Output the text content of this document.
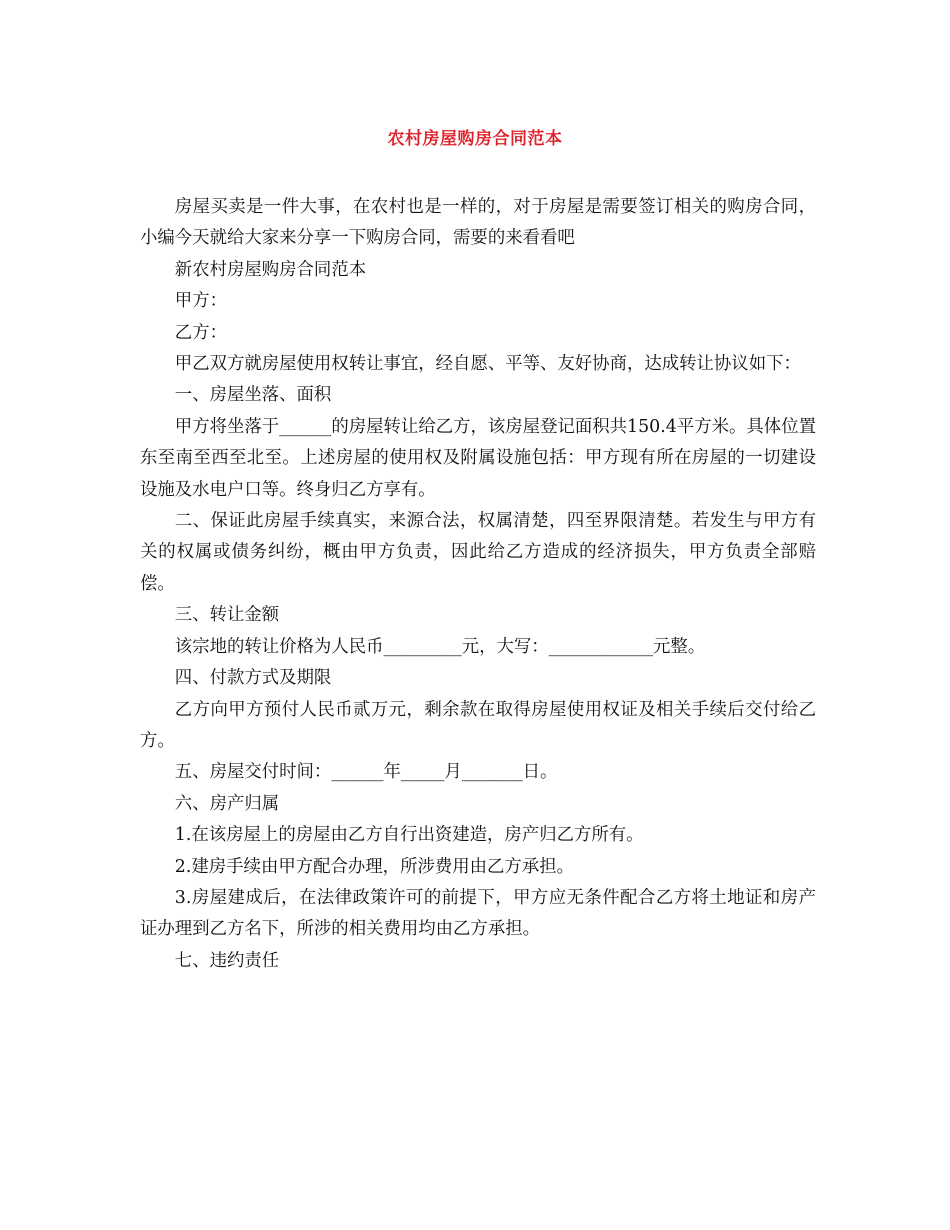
农村房屋购房合同范本

房屋买卖是一件大事，在农村也是一样的，对于房屋是需要签订相关的购房合同，小编今天就给大家来分享一下购房合同，需要的来看看吧

新农村房屋购房合同范本

甲方：

乙方：

甲乙双方就房屋使用权转让事宜，经自愿、平等、友好协商，达成转让协议如下：

一、房屋坐落、面积

甲方将坐落于______的房屋转让给乙方，该房屋登记面积共150.4平方米。具体位置东至南至西至北至。上述房屋的使用权及附属设施包括：甲方现有所在房屋的一切建设设施及水电户口等。终身归乙方享有。

二、保证此房屋手续真实，来源合法，权属清楚，四至界限清楚。若发生与甲方有关的权属或债务纠纷，概由甲方负责，因此给乙方造成的经济损失，甲方负责全部赔偿。

三、转让金额

该宗地的转让价格为人民币_________元，大写：____________元整。

四、付款方式及期限

乙方向甲方预付人民币贰万元，剩余款在取得房屋使用权证及相关手续后交付给乙方。

五、房屋交付时间：______年_____月_______日。

六、房产归属

1.在该房屋上的房屋由乙方自行出资建造，房产归乙方所有。

2.建房手续由甲方配合办理，所涉费用由乙方承担。

3.房屋建成后，在法律政策许可的前提下，甲方应无条件配合乙方将土地证和房产证办理到乙方名下，所涉的相关费用均由乙方承担。

七、违约责任
